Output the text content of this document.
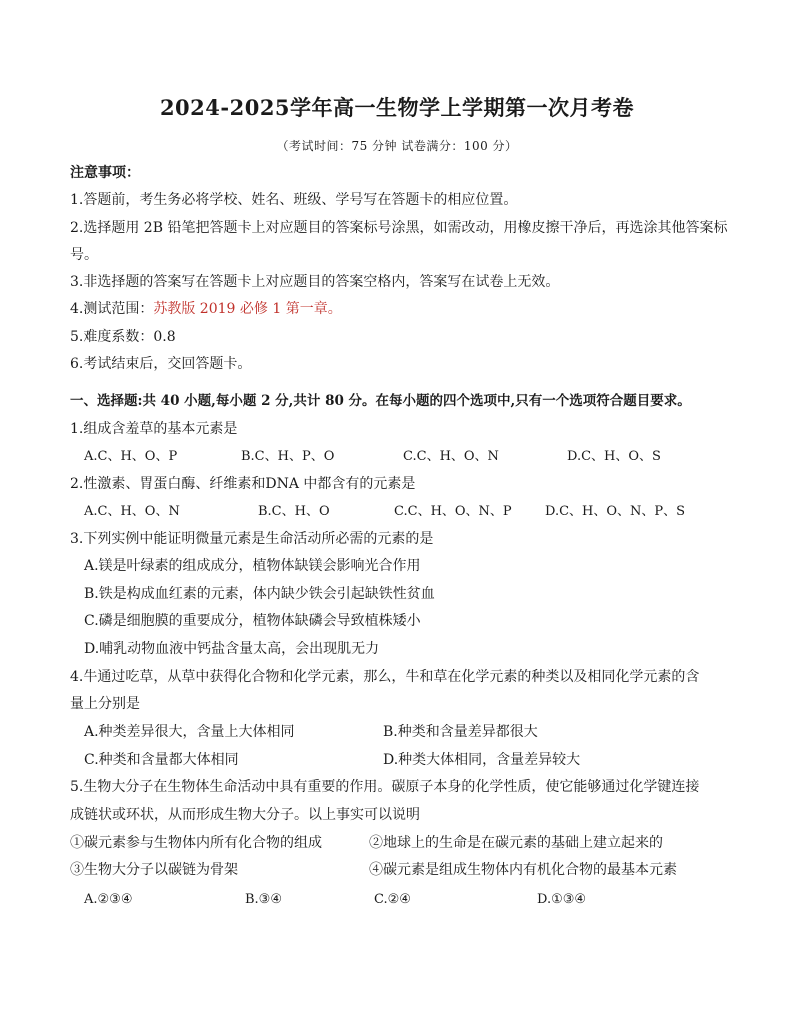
2024-2025学年高一生物学上学期第一次月考卷
（考试时间：75 分钟 试卷满分：100 分）
注意事项：
1.答题前，考生务必将学校、姓名、班级、学号写在答题卡的相应位置。
2.选择题用 2B 铅笔把答题卡上对应题目的答案标号涂黑，如需改动，用橡皮擦干净后，再选涂其他答案标
号。
3.非选择题的答案写在答题卡上对应题目的答案空格内，答案写在试卷上无效。
4.测试范围：苏教版 2019 必修 1 第一章。
5.难度系数：0.8
6.考试结束后，交回答题卡。
一、选择题:共 40 小题,每小题 2 分,共计 80 分。在每小题的四个选项中,只有一个选项符合题目要求。
1.组成含羞草的基本元素是
A.C、H、O、P	B.C、H、P、O	C.C、H、O、N	D.C、H、O、S
2.性激素、胃蛋白酶、纤维素和DNA 中都含有的元素是
A.C、H、O、N	B.C、H、O	C.C、H、O、N、P	D.C、H、O、N、P、S
3.下列实例中能证明微量元素是生命活动所必需的元素的是
A.镁是叶绿素的组成成分，植物体缺镁会影响光合作用
B.铁是构成血红素的元素，体内缺少铁会引起缺铁性贫血
C.磷是细胞膜的重要成分，植物体缺磷会导致植株矮小
D.哺乳动物血液中钙盐含量太高，会出现肌无力
4.牛通过吃草，从草中获得化合物和化学元素，那么，牛和草在化学元素的种类以及相同化学元素的含
量上分别是
A.种类差异很大，含量上大体相同	B.种类和含量差异都很大
C.种类和含量都大体相同	D.种类大体相同，含量差异较大
5.生物大分子在生物体生命活动中具有重要的作用。碳原子本身的化学性质，使它能够通过化学键连接
成链状或环状，从而形成生物大分子。以上事实可以说明
①碳元素参与生物体内所有化合物的组成	②地球上的生命是在碳元素的基础上建立起来的
③生物大分子以碳链为骨架	④碳元素是组成生物体内有机化合物的最基本元素
A.②③④	B.③④	C.②④	D.①③④
